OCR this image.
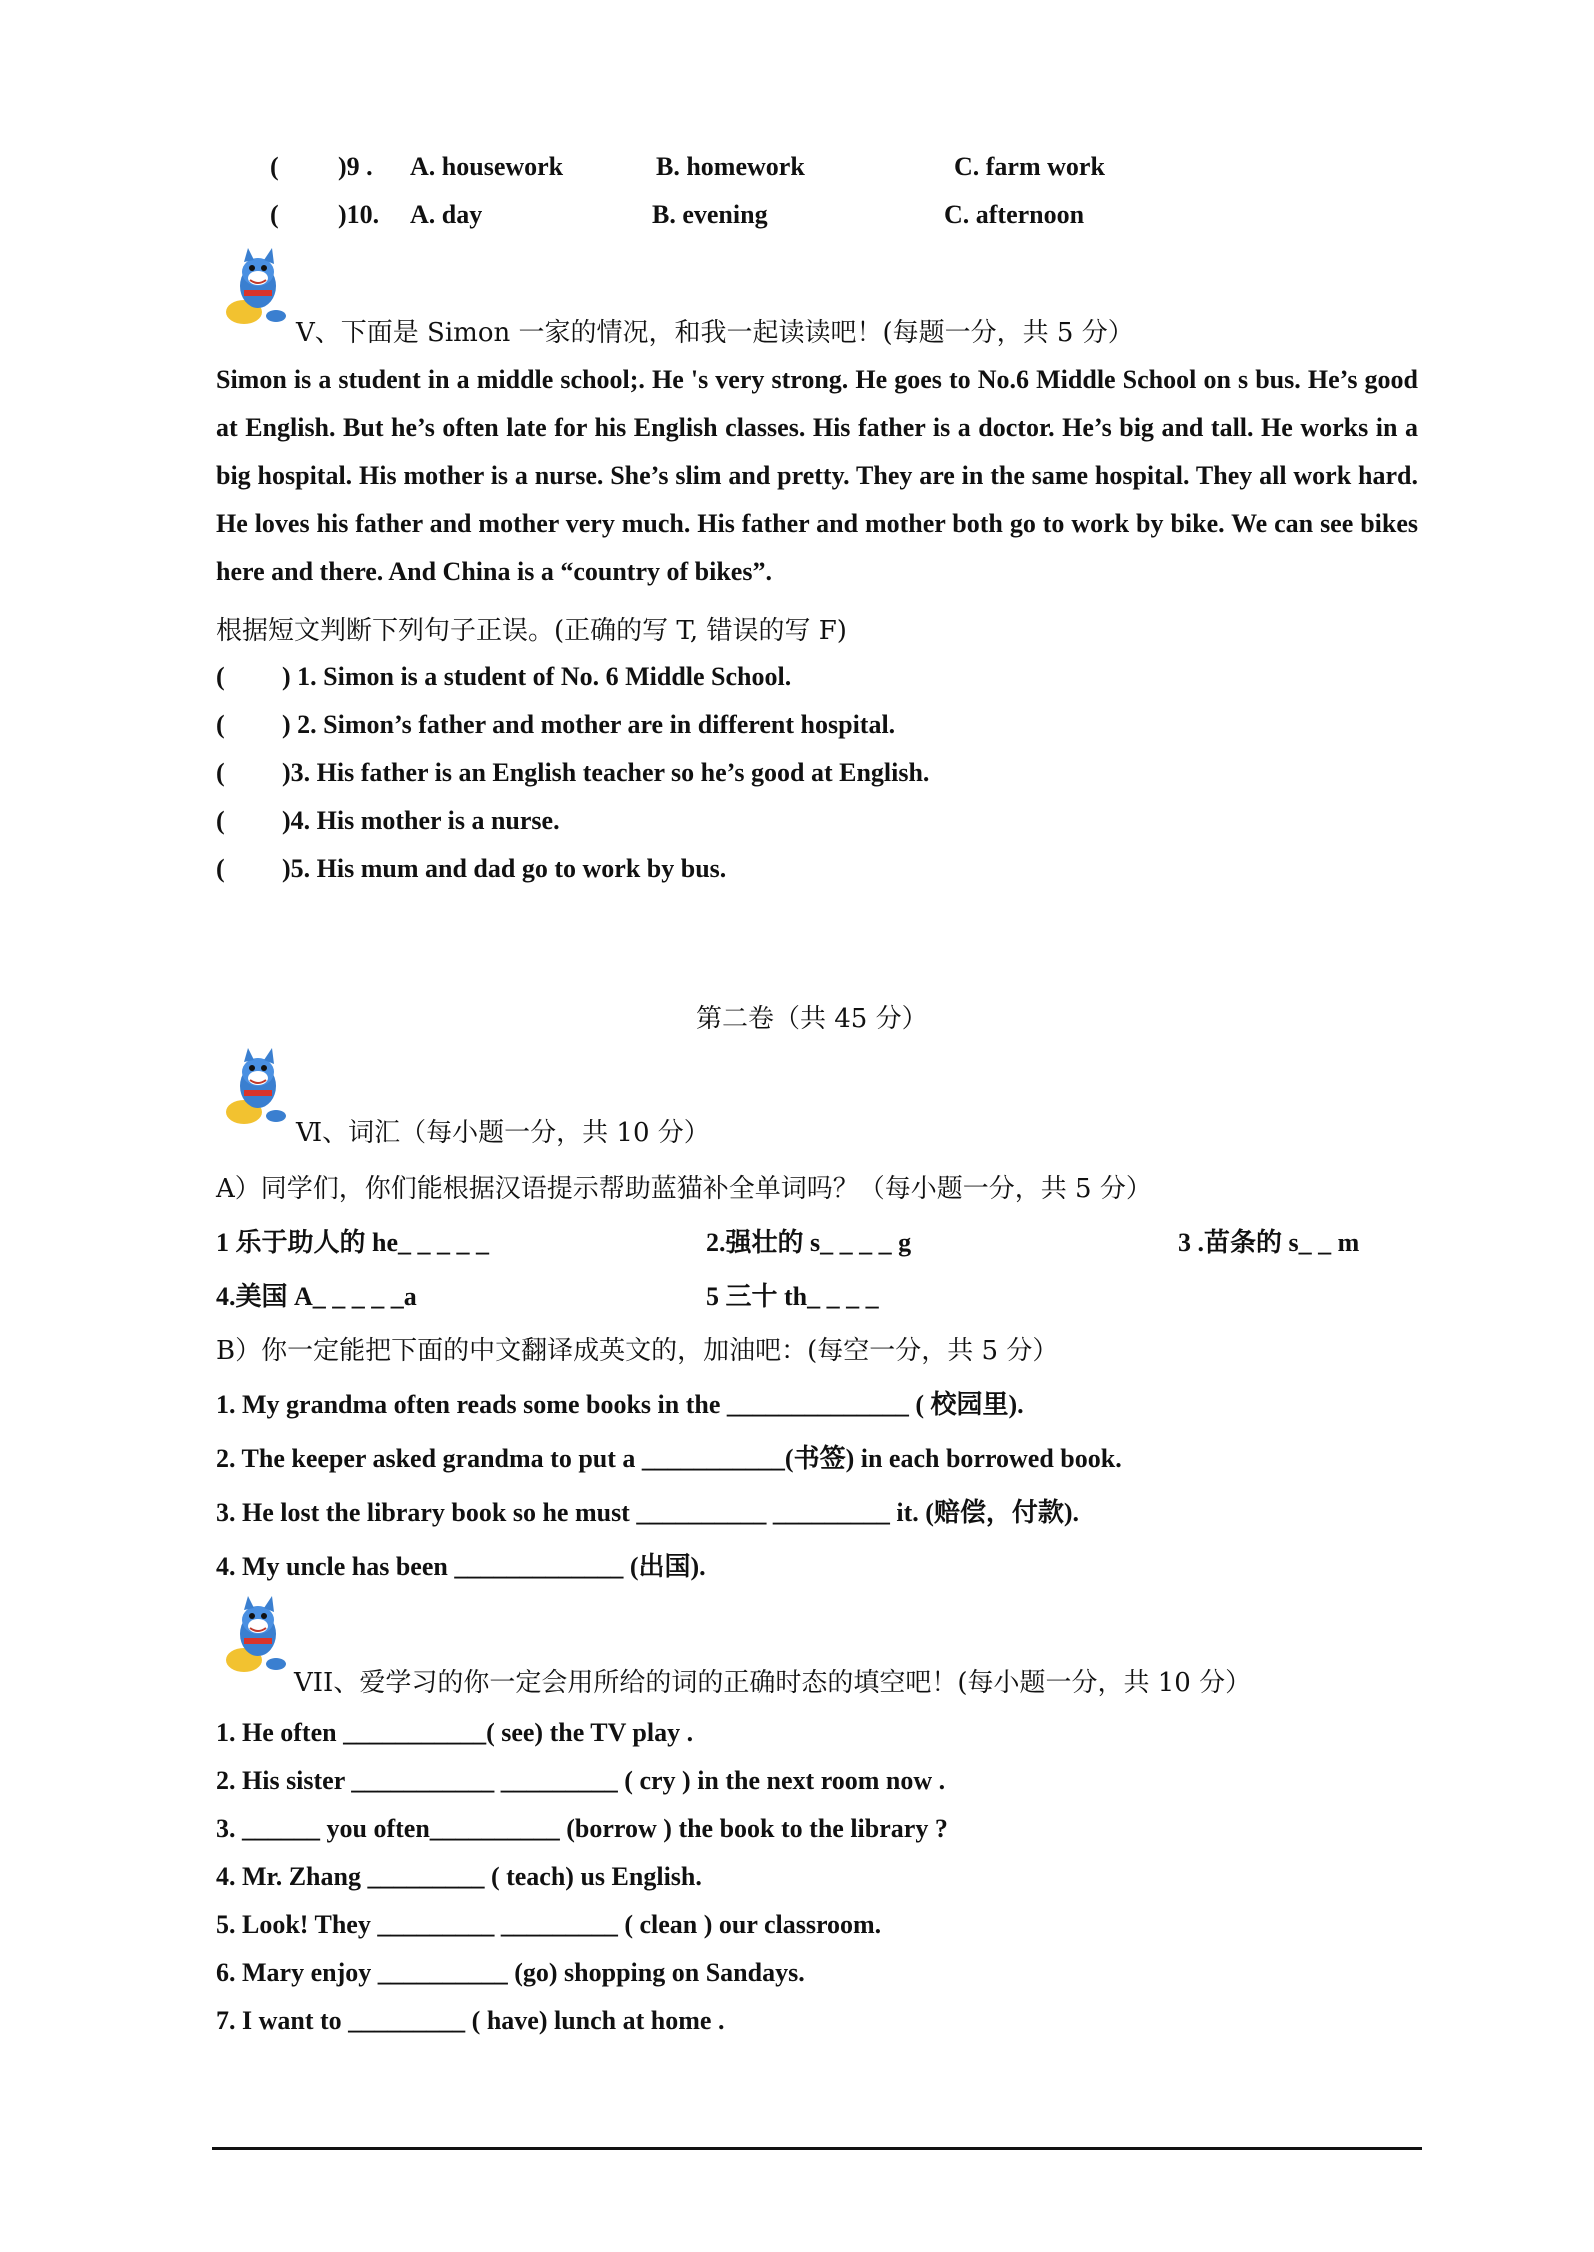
( )9 . A. housework	B. homework	C. farm work
( )10. A. day	B. evening	C. afternoon
Ⅴ、下面是 Simon 一家的情况，和我一起读读吧！(每题一分，共 5 分）

Simon is a student in a middle school;. He 's very strong. He goes to No.6 Middle School on s bus. He’s good at English. But he’s often late for his English classes. His father is a doctor. He’s big and tall. He works in a big hospital. His mother is a nurse. She’s slim and pretty. They are in the same hospital. They all work hard. He loves his father and mother very much. His father and mother both go to work by bike. We can see bikes here and there. And China is a “country of bikes”.

根据短文判断下列句子正误。(正确的写 T, 错误的写 F)
( ) 1. Simon is a student of No. 6 Middle School.
( ) 2. Simon’s father and mother are in different hospital.
( )3. His father is an English teacher so he’s good at English.
( )4. His mother is a nurse.
( )5. His mum and dad go to work by bus.
第二卷（共 45 分）
Ⅵ、词汇（每小题一分，共 10 分）
A）同学们，你们能根据汉语提示帮助蓝猫补全单词吗？（每小题一分，共 5 分）
1 乐于助人的 he_ _ _ _ _	2.强壮的 s_ _ _ _ g	3 .苗条的 s_ _ m
4.美国 A_ _ _ _ _a	5 三十 th_ _ _ _
B）你一定能把下面的中文翻译成英文的，加油吧：(每空一分，共 5 分）
1. My grandma often reads some books in the ______________ ( 校园里).
2. The keeper asked grandma to put a ___________(书签) in each borrowed book.
3. He lost the library book so he must __________ _________ it. (赔偿，付款).
4. My uncle has been _____________ (出国).
VII、爱学习的你一定会用所给的词的正确时态的填空吧！(每小题一分，共 10 分）
1. He often ___________( see) the TV play .
2. His sister ___________ _________ ( cry ) in the next room now .
3. ______ you often__________ (borrow ) the book to the library ?
4. Mr. Zhang _________ ( teach) us English.
5. Look! They _________ _________ ( clean ) our classroom.
6. Mary enjoy __________ (go) shopping on Sandays.
7. I want to _________ ( have) lunch at home .
